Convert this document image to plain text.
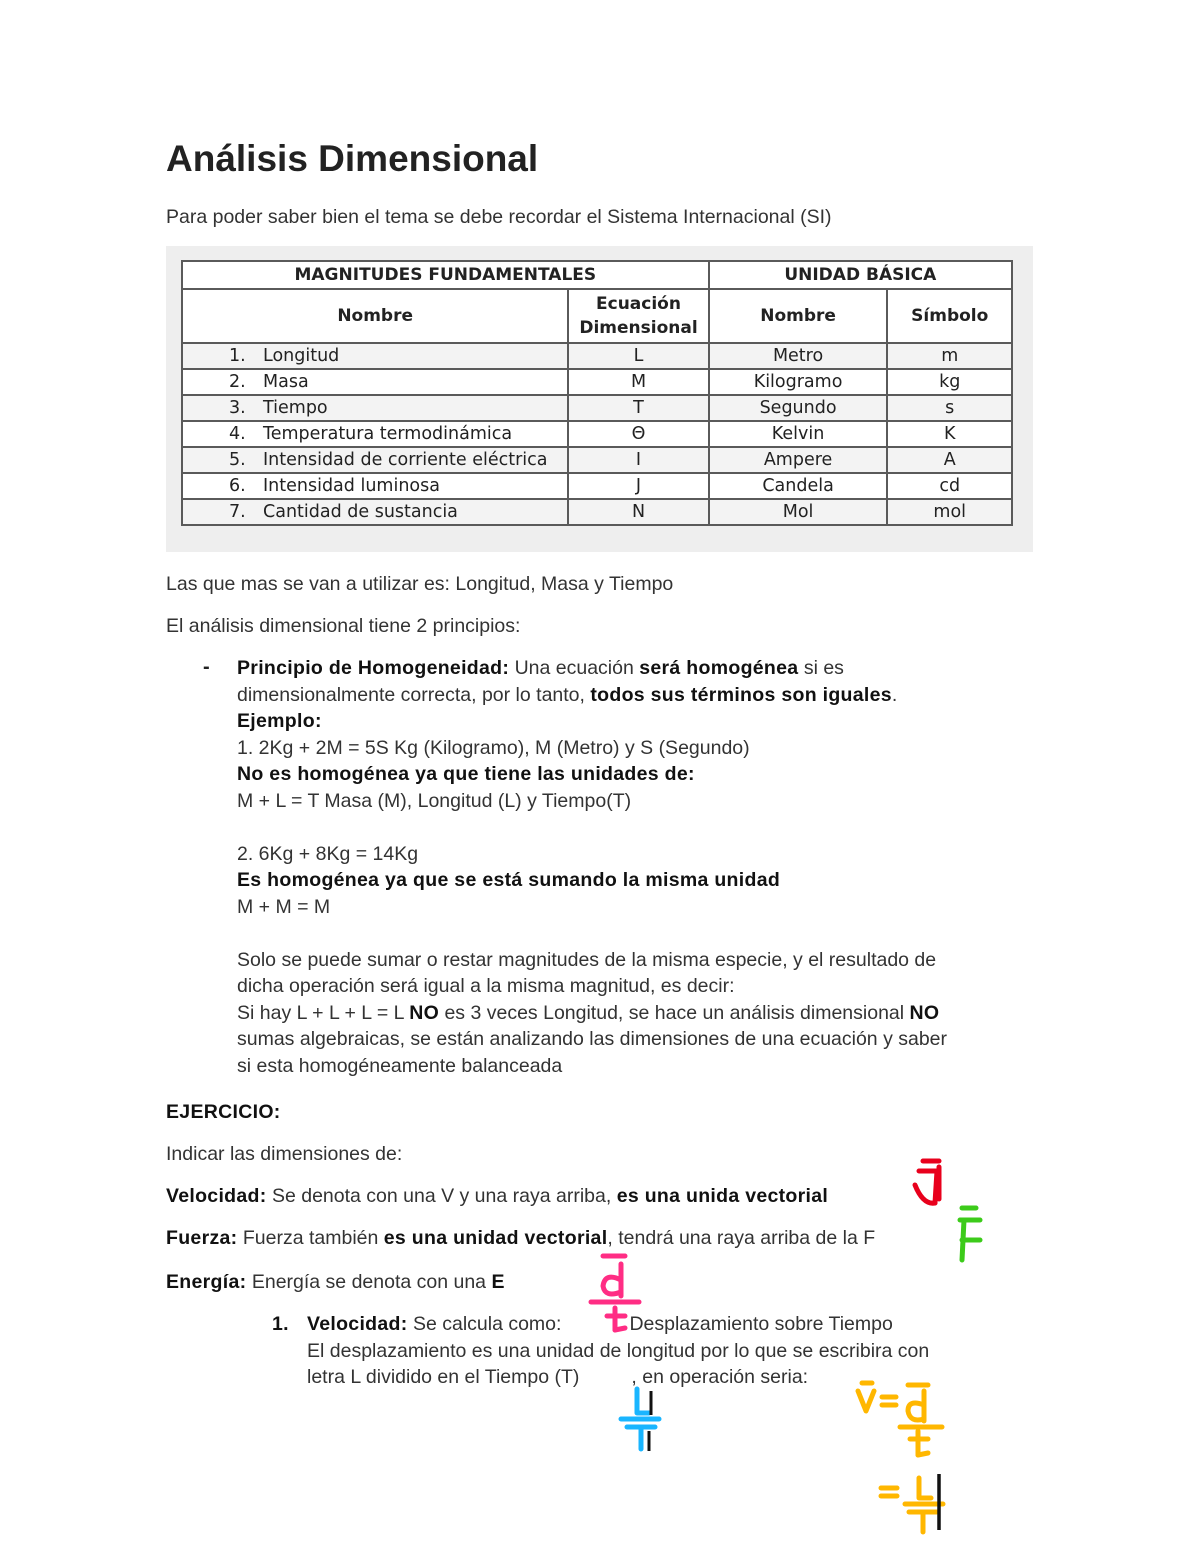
Análisis Dimensional
Para poder saber bien el tema se debe recordar el Sistema Internacional (SI)
MAGNITUDES FUNDAMENTALES		UNIDAD BÁSICA	
Nombre	Ecuación Dimensional	Nombre	Símbolo
1. Longitud	L	Metro	m
2. Masa	M	Kilogramo	kg
3. Tiempo	T	Segundo	s
4. Temperatura termodinámica	Θ	Kelvin	K
5. Intensidad de corriente eléctrica	I	Ampere	A
6. Intensidad luminosa	J	Candela	cd
7. Cantidad de sustancia	N	Mol	mol
Las que mas se van a utilizar es: Longitud, Masa y Tiempo
El análisis dimensional tiene 2 principios:
- Principio de Homogeneidad: Una ecuación será homogénea si es
dimensionalmente correcta, por lo tanto, todos sus términos son iguales.
Ejemplo:
1. 2Kg + 2M = 5S Kg (Kilogramo), M (Metro) y S (Segundo)
No es homogénea ya que tiene las unidades de:
M + L = T Masa (M), Longitud (L) y Tiempo(T)
2. 6Kg + 8Kg = 14Kg
Es homogénea ya que se está sumando la misma unidad
M + M = M
Solo se puede sumar o restar magnitudes de la misma especie, y el resultado de
dicha operación será igual a la misma magnitud, es decir:
Si hay L + L + L = L NO es 3 veces Longitud, se hace un análisis dimensional NO
sumas algebraicas, se están analizando las dimensiones de una ecuación y saber
si esta homogéneamente balanceada
EJERCICIO:
Indicar las dimensiones de:
Velocidad: Se denota con una V y una raya arriba, es una unida vectorial
Fuerza: Fuerza también es una unidad vectorial, tendrá una raya arriba de la F
Energía: Energía se denota con una E
1. Velocidad: Se calcula como:	Desplazamiento sobre Tiempo
El desplazamiento es una unidad de longitud por lo que se escribira con
letra L dividido en el Tiempo (T)	, en operación seria:
